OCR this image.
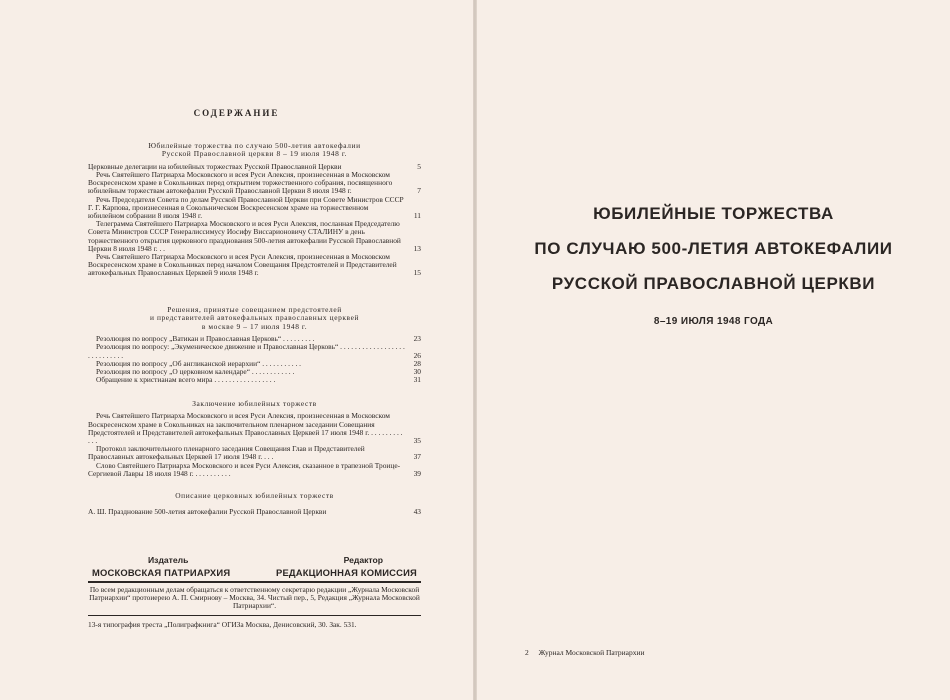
СОДЕРЖАНИЕ
Юбилейные торжества по случаю 500-летия автокефалии
Русской Православной церкви 8 – 19 июля 1948 г.
Церковные делегации на юбилейных торжествах Русской Православной Церкви	5
Речь Святейшего Патриарха Московского и всея Руси Алексия, произнесенная в Московском Воскресенском храме в Сокольниках перед открытием торжественного собрания, посвященного юбилейным торжествам автокефалии Русской Православной Церкви 8 июля 1948 г.	7
Речь Председателя Совета по делам Русской Православной Церкви при Совете Министров СССР Г. Г. Карпова, произнесенная в Сокольническом Воскресенском храме на торжественном юбилейном собрании 8 июля 1948 г.	11
Телеграмма Святейшего Патриарха Московского и всея Руси Алексия, посланная Председателю Совета Министров СССР Генералиссимусу Иосифу Виссарионовичу СТАЛИНУ в день торжественного открытия церковного празднования 500-летия автокефалии Русской Православной Церкви 8 июля 1948 г. . .	13
Речь Святейшего Патриарха Московского и всея Руси Алексия, произнесенная в Московском Воскресенском храме в Сокольниках перед началом Совещания Предстоятелей и Представителей автокефальных Православных Церквей 9 июля 1948 г.	15
Решения, принятые совещанием предстоятелей
и представителей автокефальных православных церквей
в москве 9 – 17 июля 1948 г.
Резолюция по вопросу „Ватикан и Православная Церковь“ . . . . . . . . .	23
Резолюция по вопросу: „Экуменическое движение и Православная Церковь“ . . . . . . . . . . . . . . . . . . . . . . . . . . . .	26
Резолюция по вопросу „Об англиканской иерархии“ . . . . . . . . . . .	28
Резолюция по вопросу „О церковном календаре“ . . . . . . . . . . . .	30
Обращение к христианам всего мира . . . . . . . . . . . . . . . . .	31
Заключение юбилейных торжеств
Речь Святейшего Патриарха Московского и всея Руси Алексия, произнесенная в Московском Воскресенском храме в Сокольниках на заключительном пленарном заседании Совещания Предстоятелей и Представителей автокефальных Православных Церквей 17 июля 1948 г. . . . . . . . . . . . .	35
Протокол заключительного пленарного заседания Совещания Глав и Представителей Православных автокефальных Церквей 17 июля 1948 г. . . .	37
Слово Святейшего Патриарха Московского и всея Руси Алексия, сказанное в трапезной Троице-Сергиевой Лавры 18 июля 1948 г. . . . . . . . . . .	39
Описание церковных юбилейных торжеств
А. Ш. Празднование 500-летия автокефалии Русской Православной Церкви	43
Издатель	Редактор
МОСКОВСКАЯ ПАТРИАРХИЯ	РЕДАКЦИОННАЯ КОМИССИЯ
По всем редакционным делам обращаться к ответственному секретарю редакции „Журнала Московской Патриархии“ протоиерею А. П. Смирнову – Москва, 34. Чистый пер., 5, Редакция „Журнала Московской Патриархии“.
13-я типография треста „Полиграфкнига“ ОГИЗа Москва, Денисовский, 30. Зак. 531.
ЮБИЛЕЙНЫЕ ТОРЖЕСТВА
ПО СЛУЧАЮ 500-ЛЕТИЯ АВТОКЕФАЛИИ
РУССКОЙ ПРАВОСЛАВНОЙ ЦЕРКВИ
8–19 ИЮЛЯ 1948 ГОДА
2 Журнал Московской Патриархии
